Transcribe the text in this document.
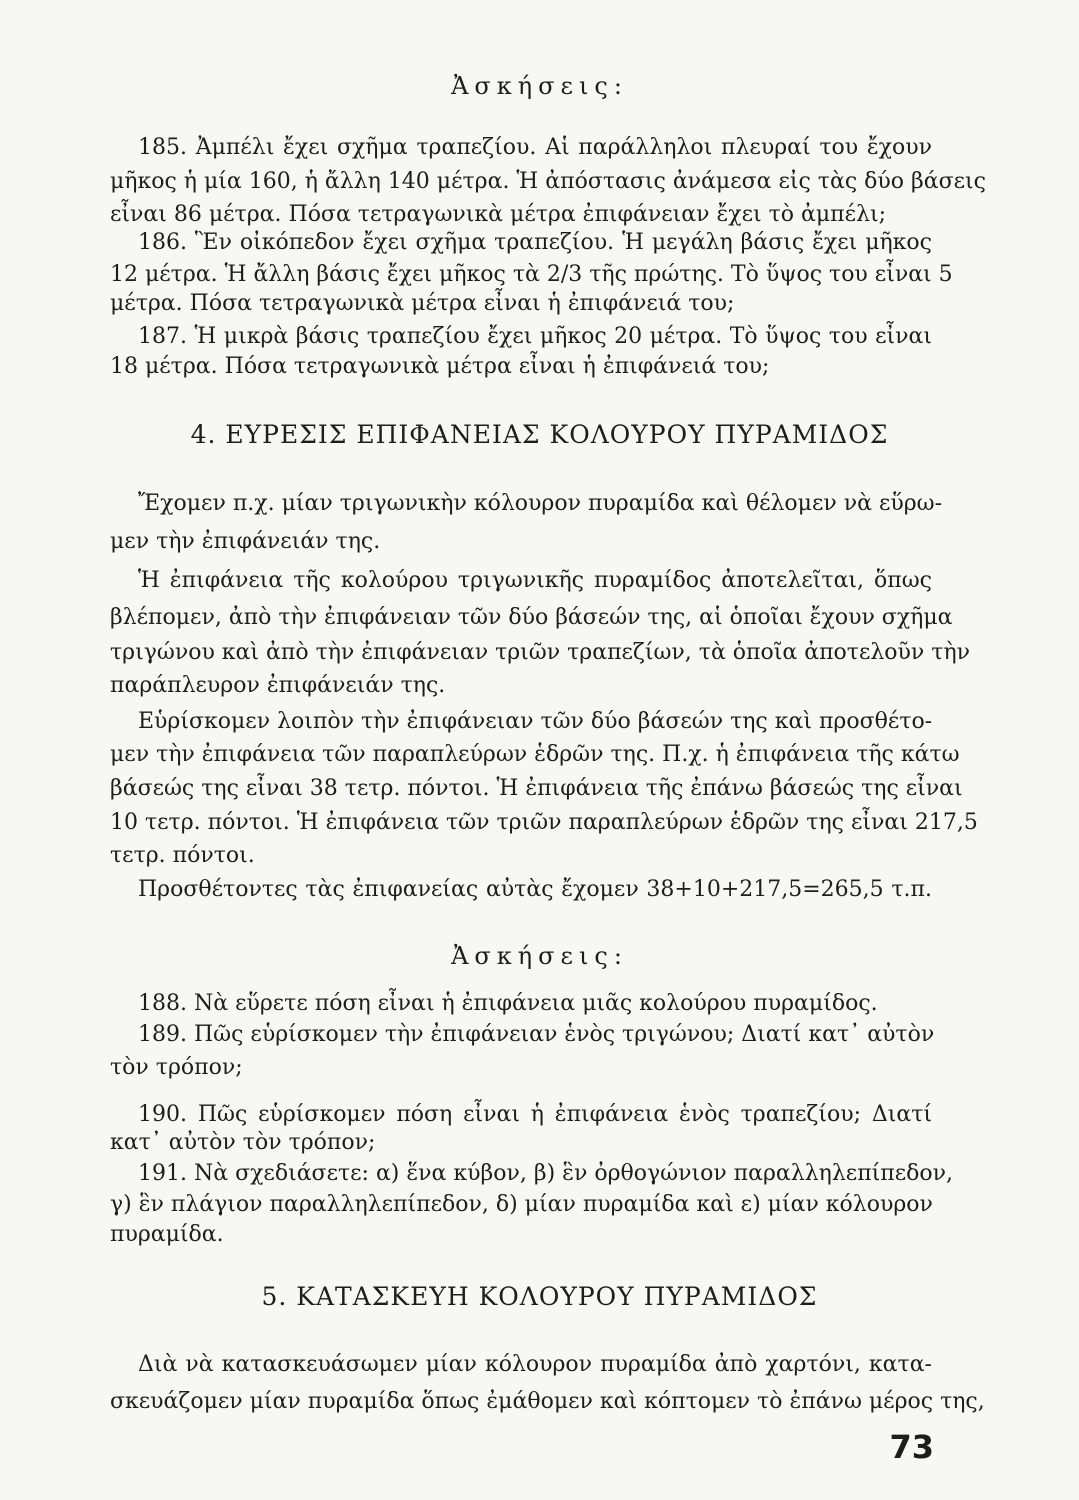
Ἀσκήσεις:
185. Ἀμπέλι ἔχει σχῆμα τραπεζίου. Αἱ παράλληλοι πλευραί του ἔχουν
μῆκος ἡ μία 160, ἡ ἄλλη 140 μέτρα. Ἡ ἀπόστασις ἀνάμεσα εἰς τὰς δύο βάσεις
εἶναι 86 μέτρα. Πόσα τετραγωνικὰ μέτρα ἐπιφάνειαν ἔχει τὸ ἀμπέλι;
186. Ἓν οἰκόπεδον ἔχει σχῆμα τραπεζίου. Ἡ μεγάλη βάσις ἔχει μῆκος
12 μέτρα. Ἡ ἄλλη βάσις ἔχει μῆκος τὰ 2/3 τῆς πρώτης. Τὸ ὕψος του εἶναι 5
μέτρα. Πόσα τετραγωνικὰ μέτρα εἶναι ἡ ἐπιφάνειά του;
187. Ἡ μικρὰ βάσις τραπεζίου ἔχει μῆκος 20 μέτρα. Τὸ ὕψος του εἶναι
18 μέτρα. Πόσα τετραγωνικὰ μέτρα εἶναι ἡ ἐπιφάνειά του;
4. ΕΥΡΕΣΙΣ ΕΠΙΦΑΝΕΙΑΣ ΚΟΛΟΥΡΟΥ ΠΥΡΑΜΙΔΟΣ
Ἔχομεν π.χ. μίαν τριγωνικὴν κόλουρον πυραμίδα καὶ θέλομεν νὰ εὕρω-
μεν τὴν ἐπιφάνειάν της.
Ἡ ἐπιφάνεια τῆς κολούρου τριγωνικῆς πυραμίδος ἀποτελεῖται, ὅπως
βλέπομεν, ἀπὸ τὴν ἐπιφάνειαν τῶν δύο βάσεών της, αἱ ὁποῖαι ἔχουν σχῆμα
τριγώνου καὶ ἀπὸ τὴν ἐπιφάνειαν τριῶν τραπεζίων, τὰ ὁποῖα ἀποτελοῦν τὴν
παράπλευρον ἐπιφάνειάν της.
Εὑρίσκομεν λοιπὸν τὴν ἐπιφάνειαν τῶν δύο βάσεών της καὶ προσθέτο-
μεν τὴν ἐπιφάνεια τῶν παραπλεύρων ἑδρῶν της. Π.χ. ἡ ἐπιφάνεια τῆς κάτω
βάσεώς της εἶναι 38 τετρ. πόντοι. Ἡ ἐπιφάνεια τῆς ἐπάνω βάσεώς της εἶναι
10 τετρ. πόντοι. Ἡ ἐπιφάνεια τῶν τριῶν παραπλεύρων ἑδρῶν της εἶναι 217,5
τετρ. πόντοι.
Προσθέτοντες τὰς ἐπιφανείας αὐτὰς ἔχομεν 38+10+217,5=265,5 τ.π.
Ἀσκήσεις:
188. Νὰ εὕρετε πόση εἶναι ἡ ἐπιφάνεια μιᾶς κολούρου πυραμίδος.
189. Πῶς εὑρίσκομεν τὴν ἐπιφάνειαν ἑνὸς τριγώνου; Διατί κατ᾽ αὐτὸν
τὸν τρόπον;
190. Πῶς εὑρίσκομεν πόση εἶναι ἡ ἐπιφάνεια ἑνὸς τραπεζίου; Διατί
κατ᾽ αὐτὸν τὸν τρόπον;
191. Νὰ σχεδιάσετε: α) ἕνα κύβον, β) ἓν ὀρθογώνιον παραλληλεπίπεδον,
γ) ἓν πλάγιον παραλληλεπίπεδον, δ) μίαν πυραμίδα καὶ ε) μίαν κόλουρον
πυραμίδα.
5. ΚΑΤΑΣΚΕΥΗ ΚΟΛΟΥΡΟΥ ΠΥΡΑΜΙΔΟΣ
Διὰ νὰ κατασκευάσωμεν μίαν κόλουρον πυραμίδα ἀπὸ χαρτόνι, κατα-
σκευάζομεν μίαν πυραμίδα ὅπως ἐμάθομεν καὶ κόπτομεν τὸ ἐπάνω μέρος της,
73
